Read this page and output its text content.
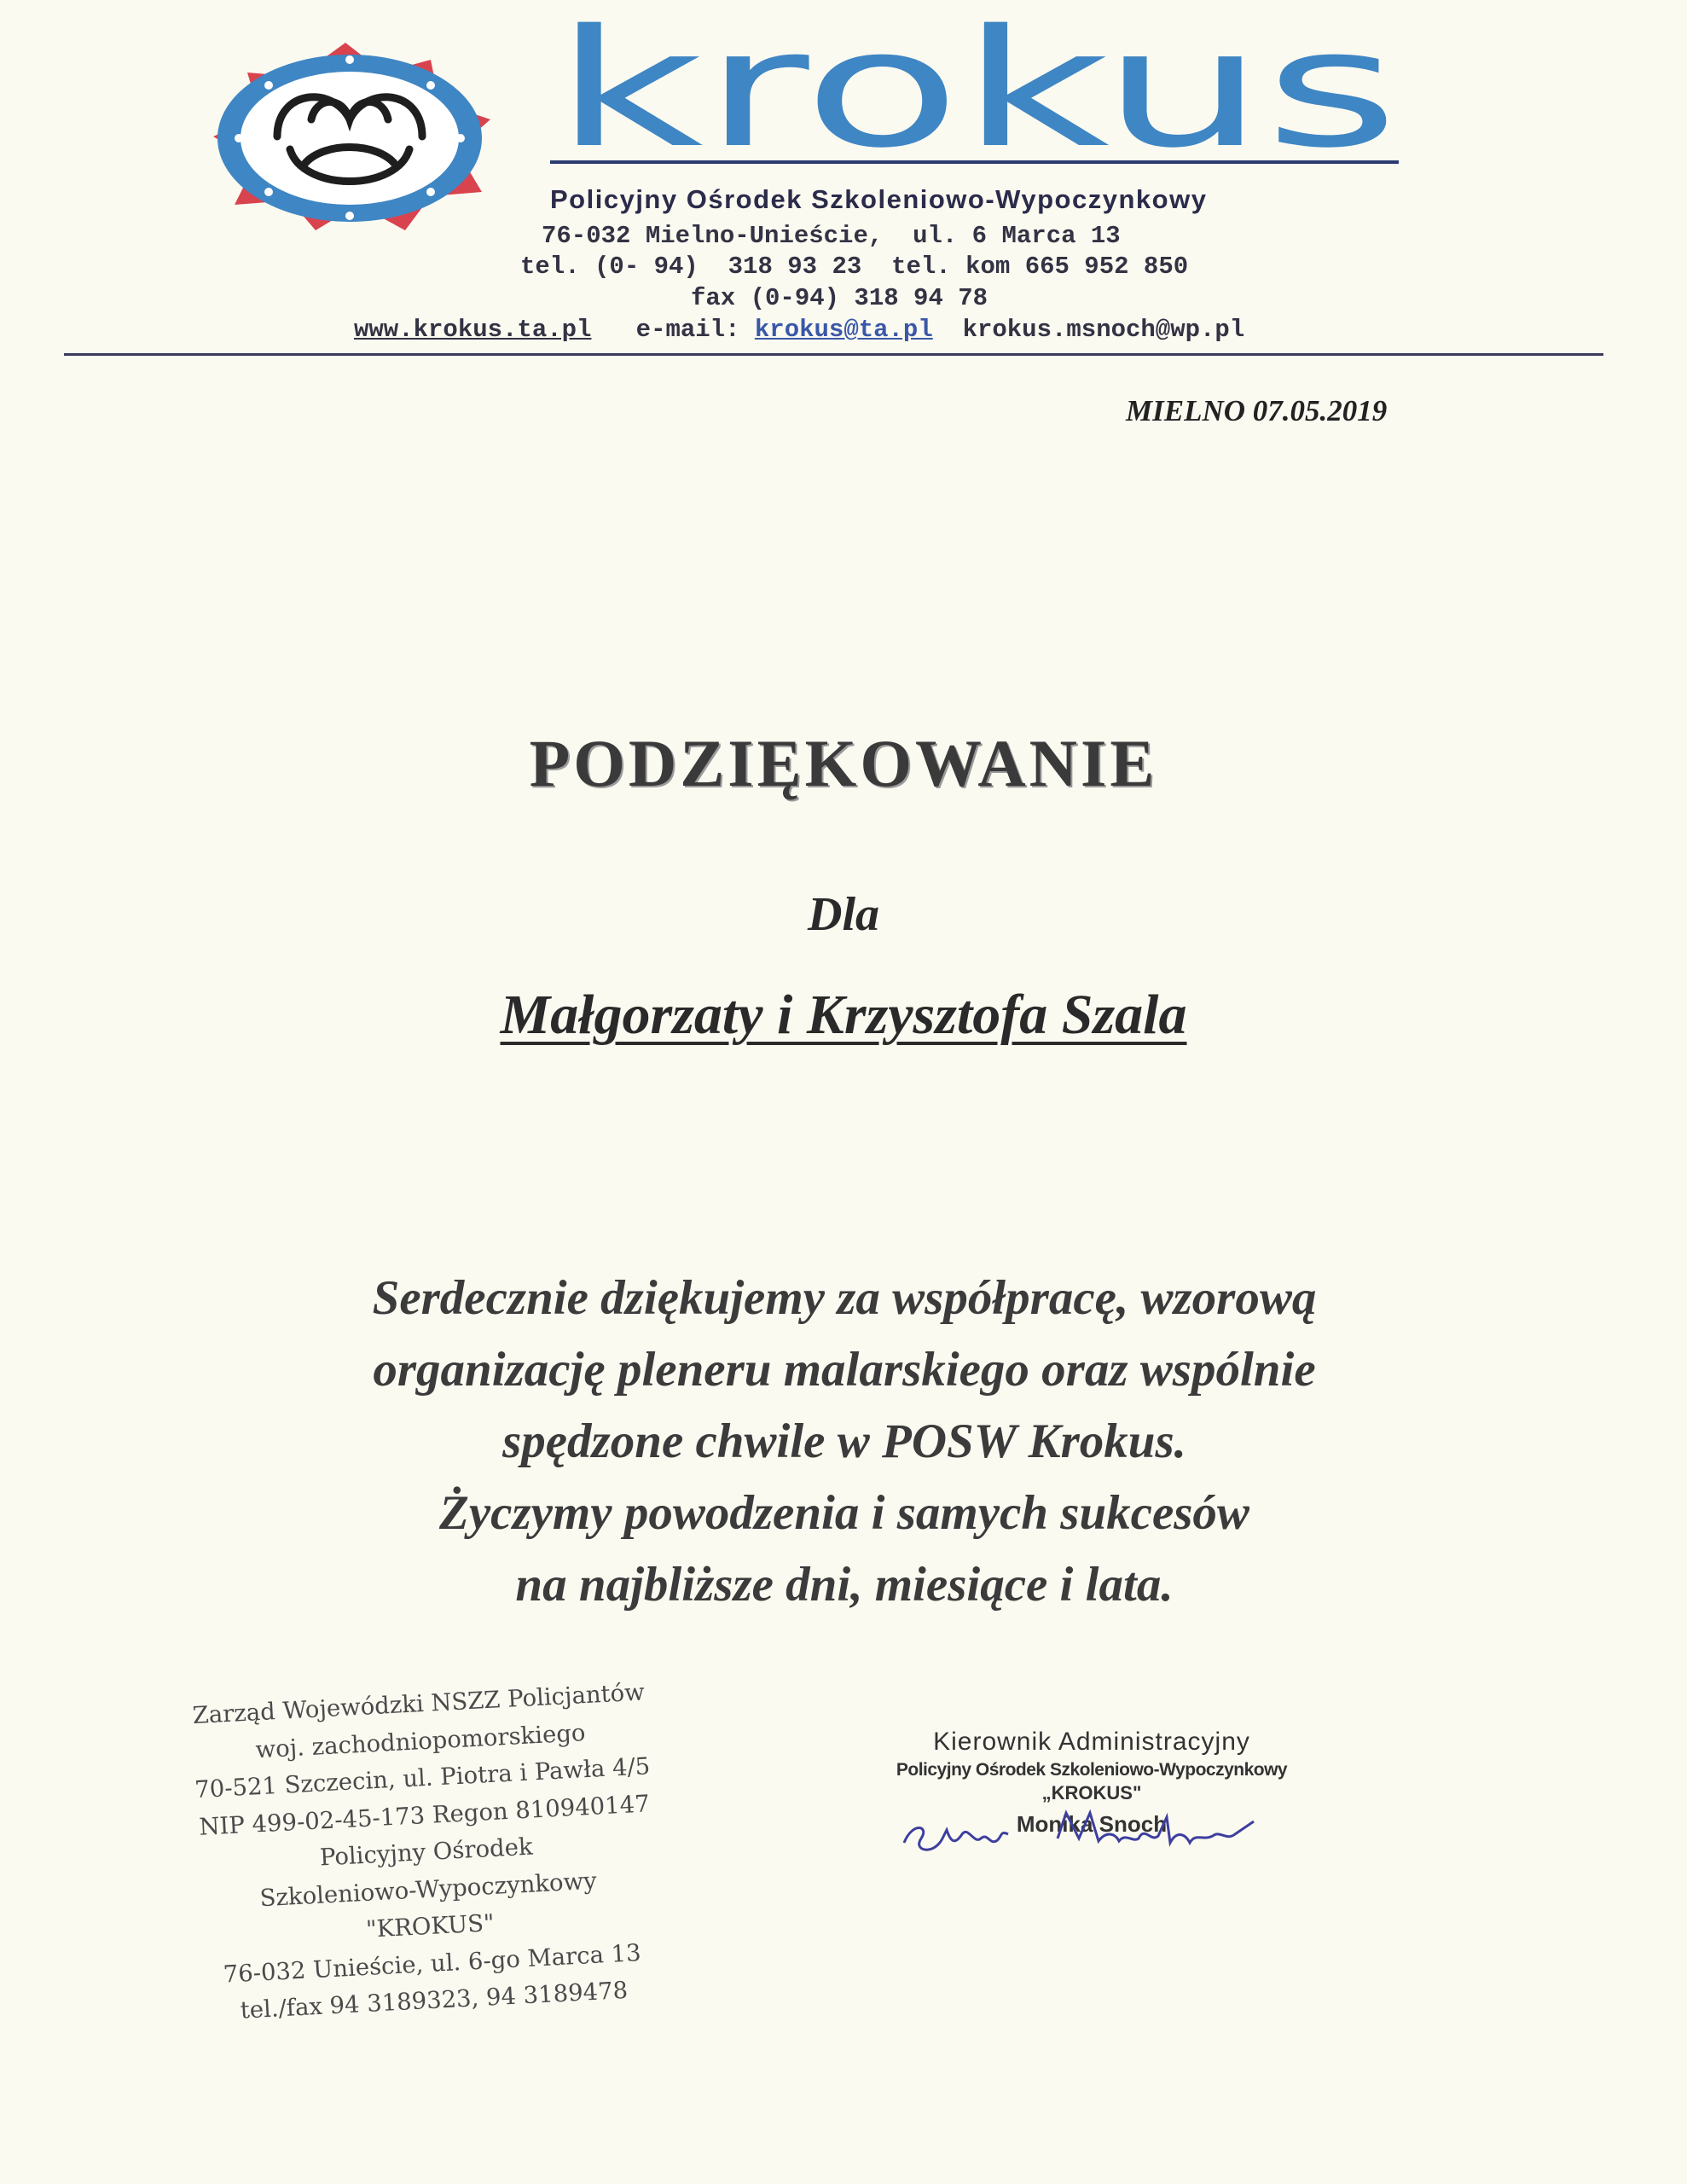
krokus
Policyjny Ośrodek Szkoleniowo-Wypoczynkowy
76-032 Mielno-Unieście,  ul. 6 Marca 13
tel. (0- 94)  318 93 23  tel. kom 665 952 850
fax (0-94) 318 94 78
www.krokus.ta.pl e-mail: krokus@ta.pl krokus.msnoch@wp.pl
MIELNO 07.05.2019
PODZIĘKOWANIE
Dla
Małgorzaty i Krzysztofa Szala
Serdecznie dziękujemy za współpracę, wzorową
organizację pleneru malarskiego oraz wspólnie
spędzone chwile w POSW Krokus.
Życzymy powodzenia i samych sukcesów
na najbliższe dni, miesiące i lata.
Zarząd Wojewódzki NSZZ Policjantów
woj. zachodniopomorskiego
70-521 Szczecin, ul. Piotra i Pawła 4/5
NIP 499-02-45-173 Regon 810940147
Policyjny Ośrodek
Szkoleniowo-Wypoczynkowy
"KROKUS"
76-032 Unieście, ul. 6-go Marca 13
tel./fax 94 3189323, 94 3189478
Kierownik Administracyjny
Policyjny Ośrodek Szkoleniowo-Wypoczynkowy
„KROKUS"
Monika Snoch
